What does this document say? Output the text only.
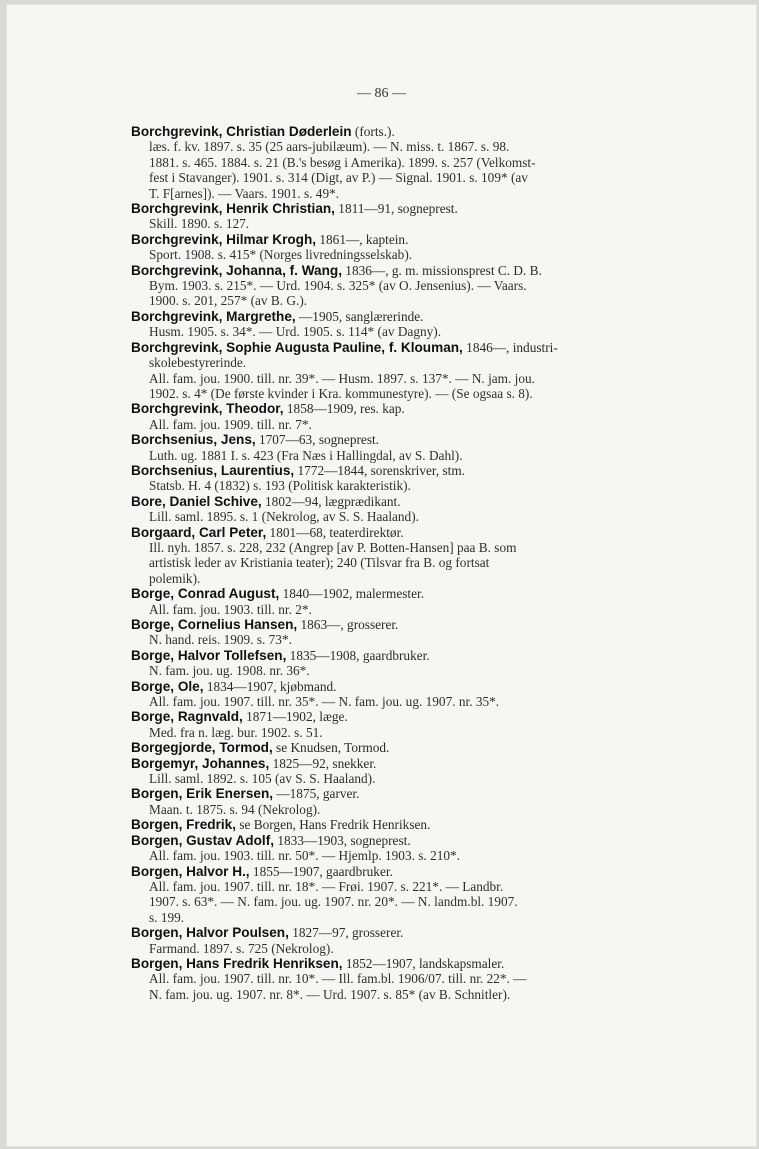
— 86 —
Borchgrevink, Christian Døderlein (forts.).
læs. f. kv. 1897. s. 35 (25 aars-jubilæum). — N. miss. t. 1867. s. 98.
1881. s. 465. 1884. s. 21 (B.'s besøg i Amerika). 1899. s. 257 (Velkomst-
fest i Stavanger). 1901. s. 314 (Digt, av P.) — Signal. 1901. s. 109* (av
T. F[arnes]). — Vaars. 1901. s. 49*.
Borchgrevink, Henrik Christian, 1811—91, sogneprest.
Skill. 1890. s. 127.
Borchgrevink, Hilmar Krogh, 1861—, kaptein.
Sport. 1908. s. 415* (Norges livredningsselskab).
Borchgrevink, Johanna, f. Wang, 1836—, g. m. missionsprest C. D. B.
Bym. 1903. s. 215*. — Urd. 1904. s. 325* (av O. Jensenius). — Vaars.
1900. s. 201, 257* (av B. G.).
Borchgrevink, Margrethe, —1905, sanglærerinde.
Husm. 1905. s. 34*. — Urd. 1905. s. 114* (av Dagny).
Borchgrevink, Sophie Augusta Pauline, f. Klouman, 1846—, industri-
skolebestyrerinde.
All. fam. jou. 1900. till. nr. 39*. — Husm. 1897. s. 137*. — N. jam. jou.
1902. s. 4* (De første kvinder i Kra. kommunestyre). — (Se ogsaa s. 8).
Borchgrevink, Theodor, 1858—1909, res. kap.
All. fam. jou. 1909. till. nr. 7*.
Borchsenius, Jens, 1707—63, sogneprest.
Luth. ug. 1881 I. s. 423 (Fra Næs i Hallingdal, av S. Dahl).
Borchsenius, Laurentius, 1772—1844, sorenskriver, stm.
Statsb. H. 4 (1832) s. 193 (Politisk karakteristik).
Bore, Daniel Schive, 1802—94, lægprædikant.
Lill. saml. 1895. s. 1 (Nekrolog, av S. S. Haaland).
Borgaard, Carl Peter, 1801—68, teaterdirektør.
Ill. nyh. 1857. s. 228, 232 (Angrep [av P. Botten-Hansen] paa B. som
artistisk leder av Kristiania teater); 240 (Tilsvar fra B. og fortsat
polemik).
Borge, Conrad August, 1840—1902, malermester.
All. fam. jou. 1903. till. nr. 2*.
Borge, Cornelius Hansen, 1863—, grosserer.
N. hand. reis. 1909. s. 73*.
Borge, Halvor Tollefsen, 1835—1908, gaardbruker.
N. fam. jou. ug. 1908. nr. 36*.
Borge, Ole, 1834—1907, kjøbmand.
All. fam. jou. 1907. till. nr. 35*. — N. fam. jou. ug. 1907. nr. 35*.
Borge, Ragnvald, 1871—1902, læge.
Med. fra n. læg. bur. 1902. s. 51.
Borgegjorde, Tormod, se Knudsen, Tormod.
Borgemyr, Johannes, 1825—92, snekker.
Lill. saml. 1892. s. 105 (av S. S. Haaland).
Borgen, Erik Enersen, —1875, garver.
Maan. t. 1875. s. 94 (Nekrolog).
Borgen, Fredrik, se Borgen, Hans Fredrik Henriksen.
Borgen, Gustav Adolf, 1833—1903, sogneprest.
All. fam. jou. 1903. till. nr. 50*. — Hjemlp. 1903. s. 210*.
Borgen, Halvor H., 1855—1907, gaardbruker.
All. fam. jou. 1907. till. nr. 18*. — Frøi. 1907. s. 221*. — Landbr.
1907. s. 63*. — N. fam. jou. ug. 1907. nr. 20*. — N. landm.bl. 1907.
s. 199.
Borgen, Halvor Poulsen, 1827—97, grosserer.
Farmand. 1897. s. 725 (Nekrolog).
Borgen, Hans Fredrik Henriksen, 1852—1907, landskapsmaler.
All. fam. jou. 1907. till. nr. 10*. — Ill. fam.bl. 1906/07. till. nr. 22*. —
N. fam. jou. ug. 1907. nr. 8*. — Urd. 1907. s. 85* (av B. Schnitler).
